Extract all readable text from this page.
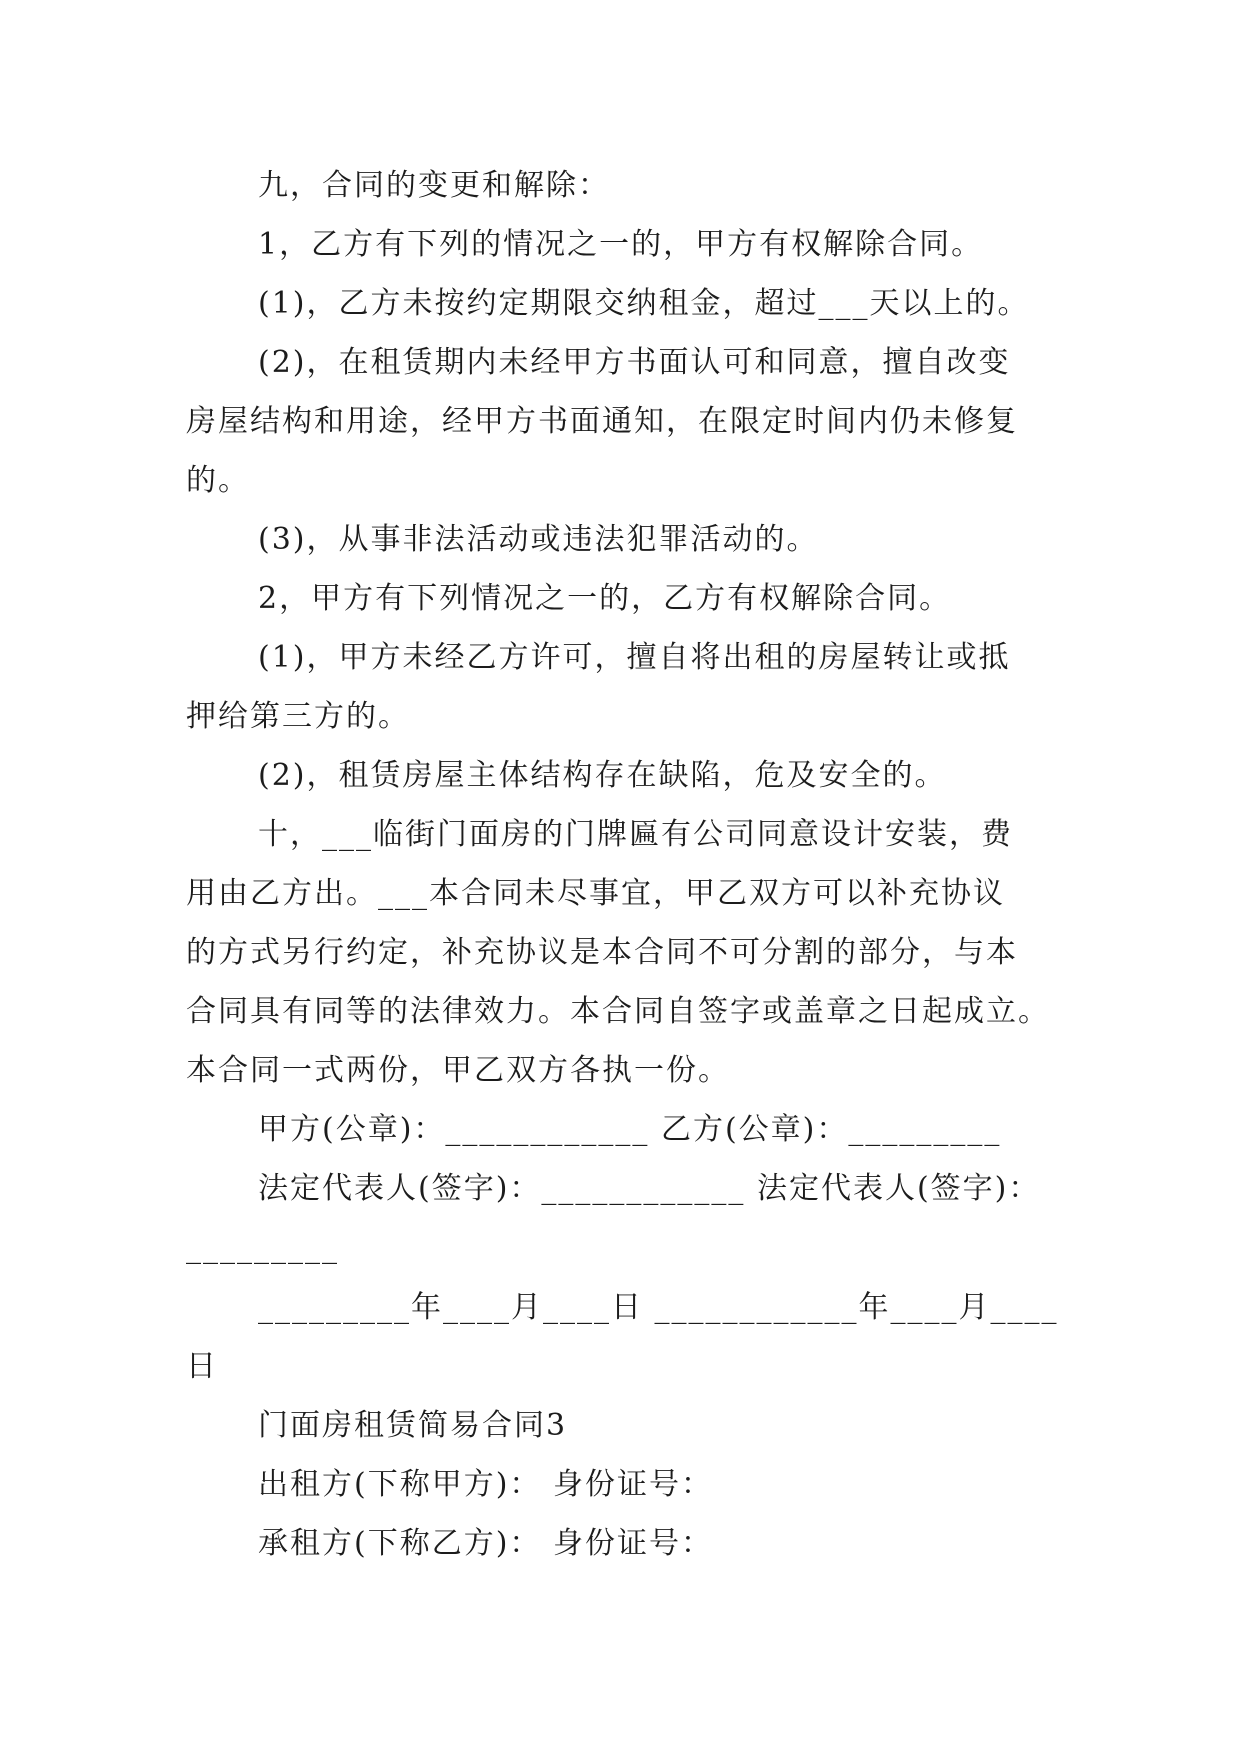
九，合同的变更和解除：
1，乙方有下列的情况之一的，甲方有权解除合同。
(1)，乙方未按约定期限交纳租金，超过___天以上的。
(2)，在租赁期内未经甲方书面认可和同意，擅自改变
房屋结构和用途，经甲方书面通知，在限定时间内仍未修复
的。
(3)，从事非法活动或违法犯罪活动的。
2，甲方有下列情况之一的，乙方有权解除合同。
(1)，甲方未经乙方许可，擅自将出租的房屋转让或抵
押给第三方的。
(2)，租赁房屋主体结构存在缺陷，危及安全的。
十，___临街门面房的门牌匾有公司同意设计安装，费
用由乙方出。___本合同未尽事宜，甲乙双方可以补充协议
的方式另行约定，补充协议是本合同不可分割的部分，与本
合同具有同等的法律效力。本合同自签字或盖章之日起成立。
本合同一式两份，甲乙双方各执一份。
甲方(公章)：____________ 乙方(公章)：_________
法定代表人(签字)：____________ 法定代表人(签字)：
_________
_________年____月____日 ____________年____月____
日
门面房租赁简易合同3
出租方(下称甲方)： 身份证号：
承租方(下称乙方)： 身份证号：
